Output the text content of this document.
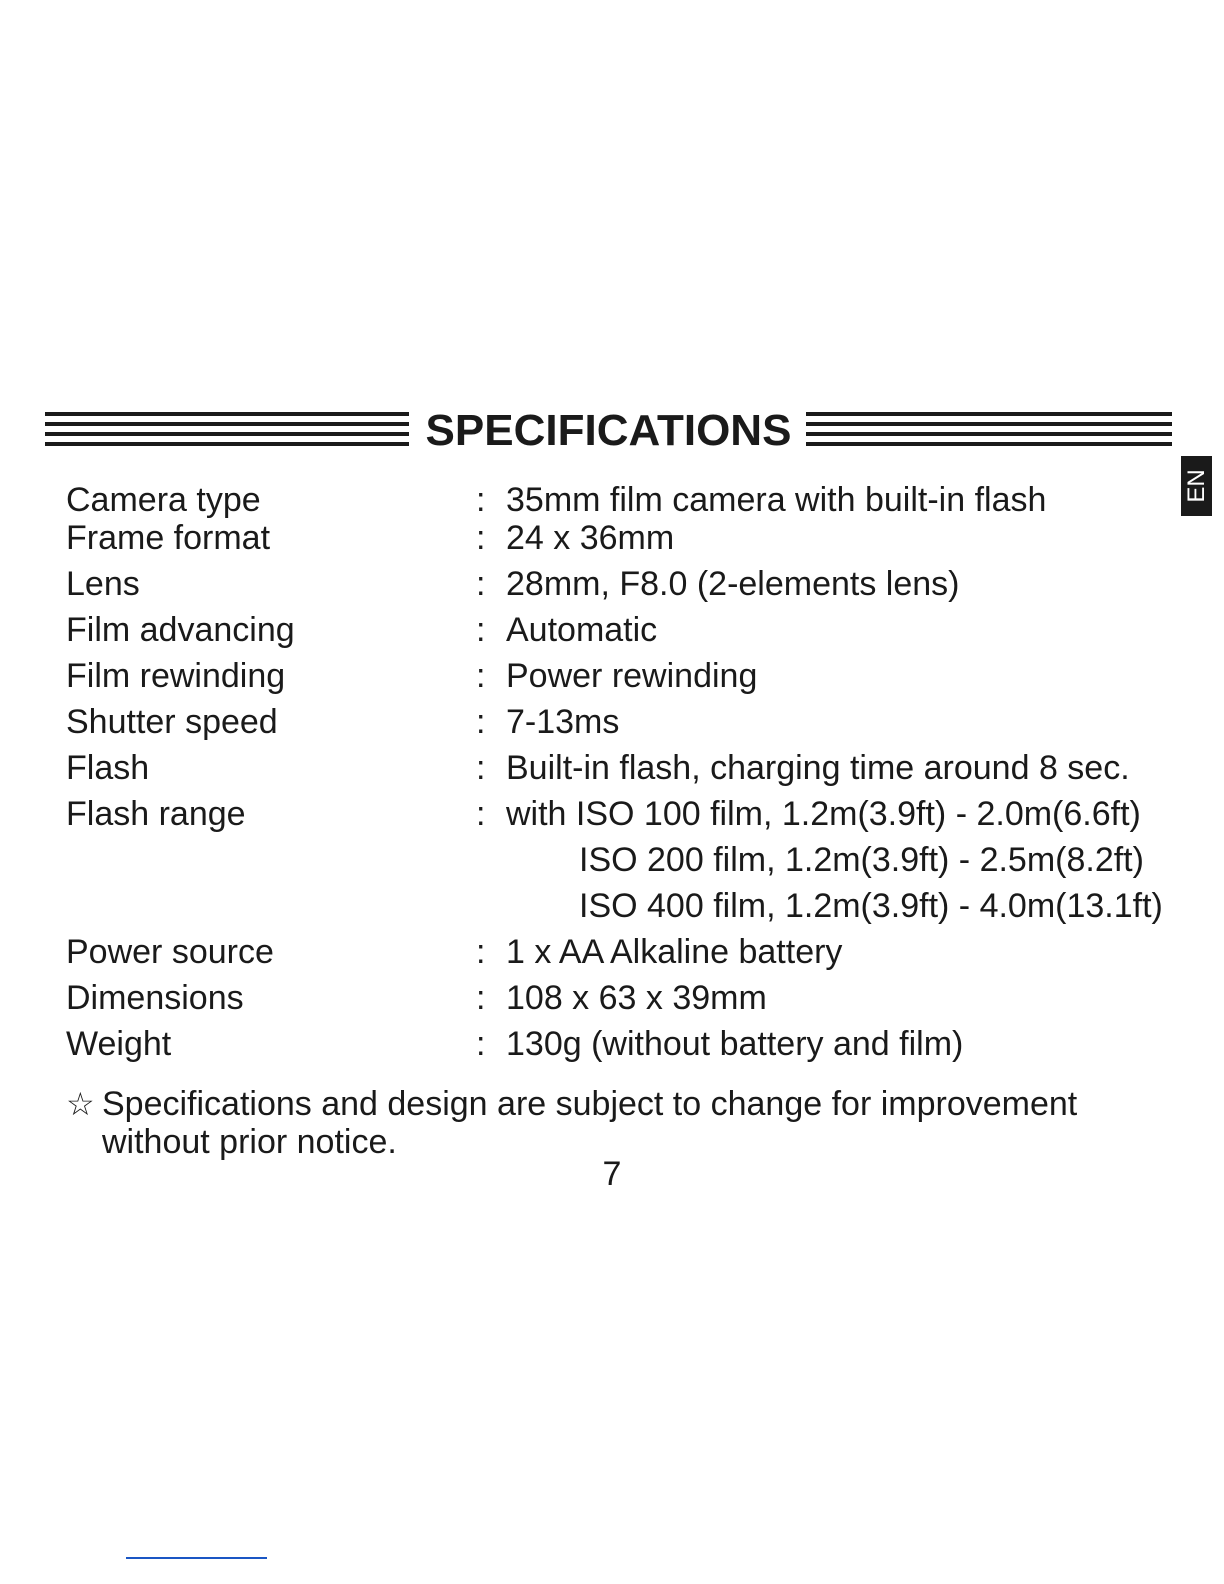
SPECIFICATIONS
EN
Camera type	: 35mm film camera with built-in flash
Frame format	: 24 x 36mm
Lens	: 28mm, F8.0 (2-elements lens)
Film advancing	: Automatic
Film rewinding	: Power rewinding
Shutter speed	: 7-13ms
Flash	: Built-in flash, charging time around 8 sec.
Flash range	: with ISO 100 film, 1.2m(3.9ft) - 2.0m(6.6ft)
ISO 200 film, 1.2m(3.9ft) - 2.5m(8.2ft)
ISO 400 film, 1.2m(3.9ft) - 4.0m(13.1ft)
Power source	: 1 x AA Alkaline battery
Dimensions	: 108 x 63 x 39mm
Weight	: 130g (without battery and film)
☆ Specifications and design are subject to change for improvement without prior notice.
7
